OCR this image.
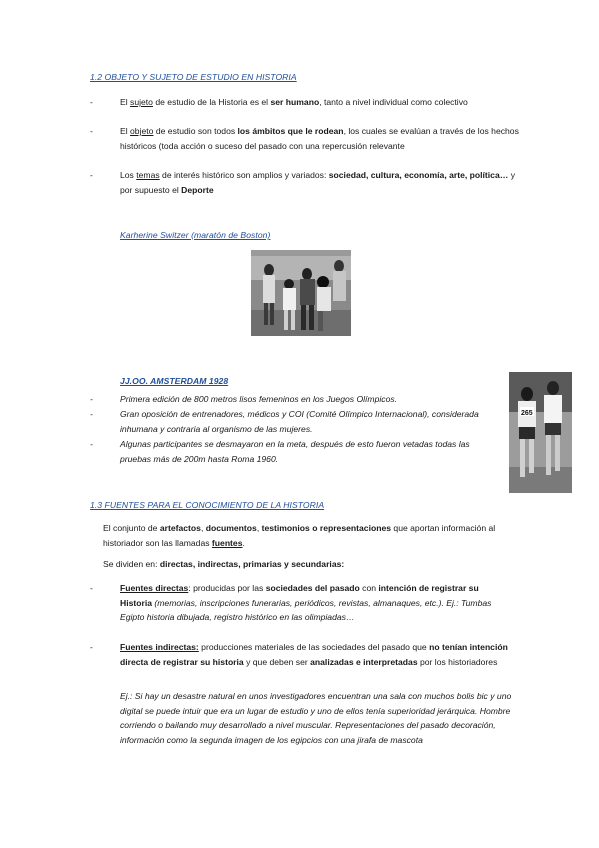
1.2 OBJETO Y SUJETO DE ESTUDIO EN HISTORIA
-	El sujeto de estudio de la Historia es el ser humano, tanto a nivel individual como colectivo
-	El objeto de estudio son todos los ámbitos que le rodean, los cuales se evalúan a través de los hechos históricos (toda acción o suceso del pasado con una repercusión relevante
-	Los temas de interés histórico son amplios y variados: sociedad, cultura, economía, arte, política… y por supuesto el Deporte
Karherine Switzer (maratón de Boston)
JJ.OO. AMSTERDAM 1928
-	Primera edición de 800 metros lisos femeninos en los Juegos Olímpicos.
-	Gran oposición de entrenadores, médicos y COI (Comité Olímpico Internacional), considerada inhumana y contraria al organismo de las mujeres.
-	Algunas participantes se desmayaron en la meta, después de esto fueron vetadas todas las pruebas más de 200m hasta Roma 1960.
265
1.3 FUENTES PARA EL CONOCIMIENTO DE LA HISTORIA
El conjunto de artefactos, documentos, testimonios o representaciones que aportan información al historiador son las llamadas fuentes.
Se dividen en: directas, indirectas, primarias y secundarias:
-	Fuentes directas: producidas por las sociedades del pasado con intención de registrar su Historia (memorias, inscripciones funerarias, periódicos, revistas, almanaques, etc.). Ej.: Tumbas Egipto historia dibujada, registro histórico en las olimpiadas…
-	Fuentes indirectas: producciones materiales de las sociedades del pasado que no tenían intención directa de registrar su historia y que deben ser analizadas e interpretadas por los historiadores
Ej.: Si hay un desastre natural en unos investigadores encuentran una sala con muchos bolis bic y uno digital se puede intuir que era un lugar de estudio y uno de ellos tenía superioridad jerárquica. Hombre corriendo o bailando muy desarrollado a nivel muscular. Representaciones del pasado decoración, información como la segunda imagen de los egipcios con una jirafa de mascota
